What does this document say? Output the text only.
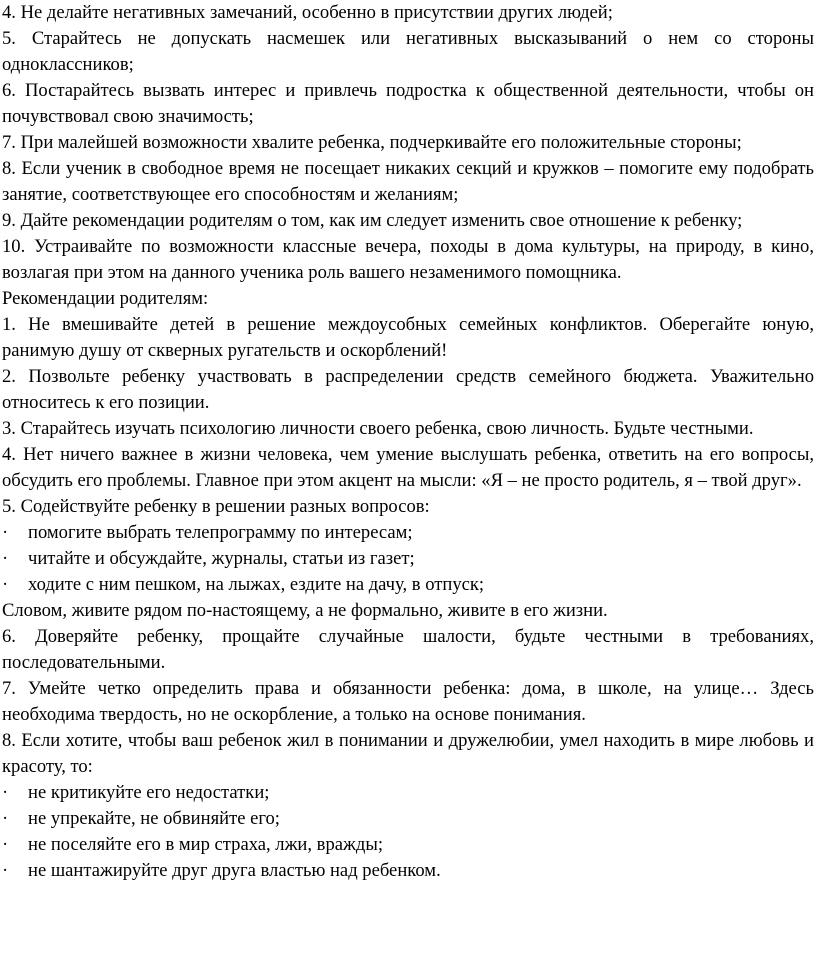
4. Не делайте негативных замечаний, особенно в присутствии других людей;

5. Старайтесь не допускать насмешек или негативных высказываний о нем со стороны одноклассников;

6. Постарайтесь вызвать интерес и привлечь подростка к общественной деятельности, чтобы он почувствовал свою значимость;

7. При малейшей возможности хвалите ребенка, подчеркивайте его положительные стороны;

8. Если ученик в свободное время не посещает никаких секций и кружков – помогите ему подобрать занятие, соответствующее его способностям и желаниям;

9. Дайте рекомендации родителям о том, как им следует изменить свое отношение к ребенку;

10. Устраивайте по возможности классные вечера, походы в дома культуры, на природу, в кино, возлагая при этом на данного ученика роль вашего незаменимого помощника.

Рекомендации родителям:

1. Не вмешивайте детей в решение междоусобных семейных конфликтов. Оберегайте юную, ранимую душу от скверных ругательств и оскорблений!

2. Позвольте ребенку участвовать в распределении средств семейного бюджета. Уважительно относитесь к его позиции.

3. Старайтесь изучать психологию личности своего ребенка, свою личность. Будьте честными.

4. Нет ничего важнее в жизни человека, чем умение выслушать ребенка, ответить на его вопросы, обсудить его проблемы. Главное при этом акцент на мысли: «Я – не просто родитель, я – твой друг».

5. Содействуйте ребенку в решении разных вопросов:

· помогите выбрать телепрограмму по интересам;

· читайте и обсуждайте, журналы, статьи из газет;

· ходите с ним пешком, на лыжах, ездите на дачу, в отпуск;

Словом, живите рядом по-настоящему, а не формально, живите в его жизни.

6. Доверяйте ребенку, прощайте случайные шалости, будьте честными в требованиях, последовательными.

7. Умейте четко определить права и обязанности ребенка: дома, в школе, на улице… Здесь необходима твердость, но не оскорбление, а только на основе понимания.

8. Если хотите, чтобы ваш ребенок жил в понимании и дружелюбии, умел находить в мире любовь и красоту, то:

· не критикуйте его недостатки;

· не упрекайте, не обвиняйте его;

· не поселяйте его в мир страха, лжи, вражды;

· не шантажируйте друг друга властью над ребенком.
